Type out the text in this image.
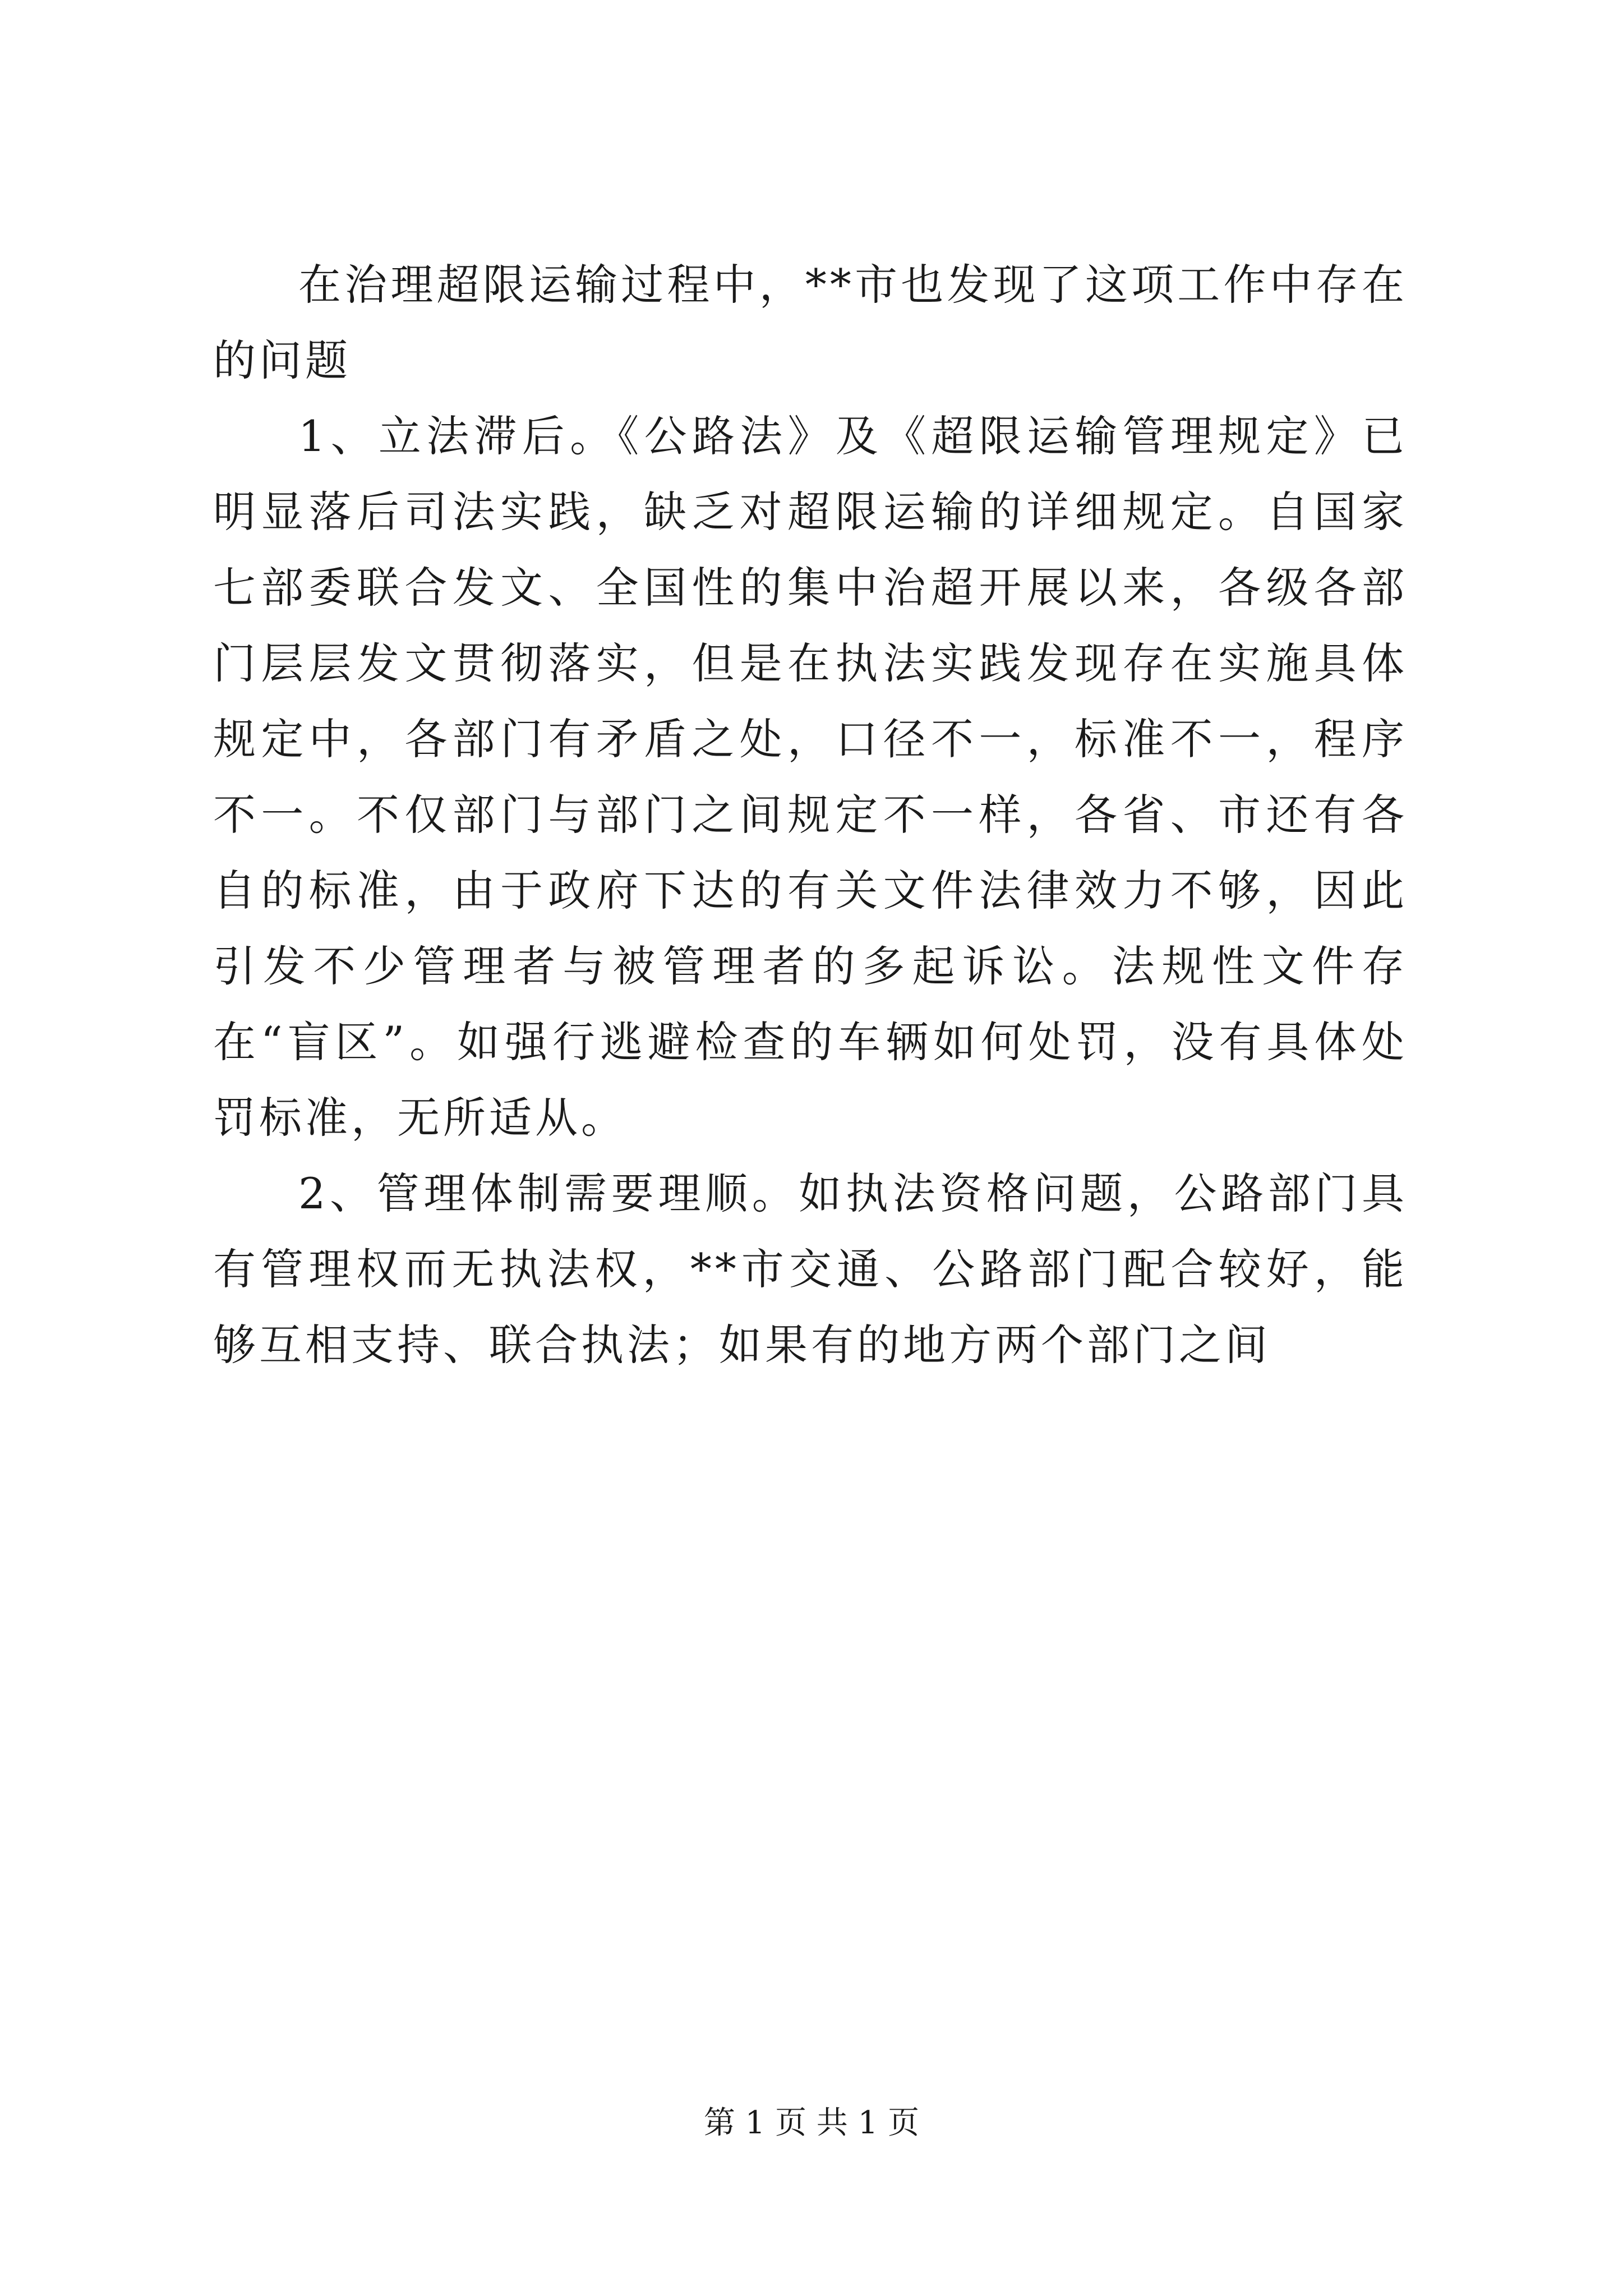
在治理超限运输过程中，**市也发现了这项工作中存在的问题

1、立法滞后。《公路法》及《超限运输管理规定》已明显落后司法实践，缺乏对超限运输的详细规定。自国家七部委联合发文、全国性的集中治超开展以来，各级各部门层层发文贯彻落实，但是在执法实践发现存在实施具体规定中，各部门有矛盾之处，口径不一，标准不一，程序不一。不仅部门与部门之间规定不一样，各省、市还有各自的标准，由于政府下达的有关文件法律效力不够，因此引发不少管理者与被管理者的多起诉讼。法规性文件存在“盲区”。如强行逃避检查的车辆如何处罚，没有具体处罚标准，无所适从。

2、管理体制需要理顺。如执法资格问题，公路部门具有管理权而无执法权，**市交通、公路部门配合较好，能够互相支持、联合执法；如果有的地方两个部门之间

第 1 页 共 1 页
